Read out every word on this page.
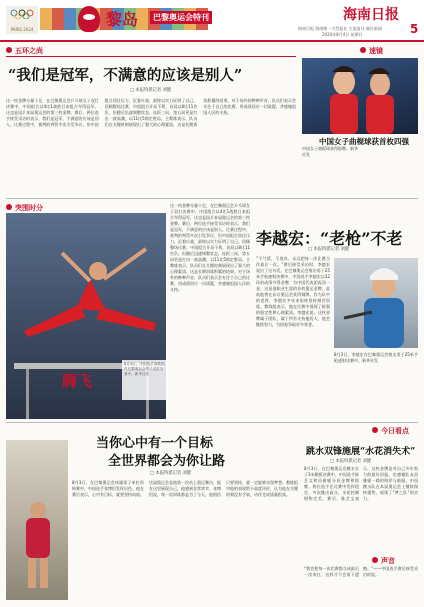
PARIS 2024
黎岛	巴黎奥运会特刊	海南日报
海南日报 海南唯一大型报业 主流报刊 做好新闻
2024年8月4日 星期日	5
五环之尚
“我们是冠军，不满意的应该是别人”
□ 本报特派记者 刘健
这一枚金牌分量十足，在巴黎奥运会乒乓球女子双打决赛中，中国组合以4比1战胜日本组合夺得冠军，这也是国乒本届奥运会的第三枚金牌。赛后，两位选手接受采访时表示，我们是冠军，不满意的应该是别人。比赛过程中，裁判的判罚多次引发争议，但中国组合顶住压力，沉着应战，最终以实力证明了自己。回顾整场比赛，中国组合开局不利，首局以8比11告负，但随后迅速调整状态，连扳三局，第五局更是打出一波高潮，以11比5锁定胜局。主教练表示，队员们在关键时刻展现出了强大的心理素质，这是长期训练积累的结果。对于场外的种种声音，队员们表示会专注于自己的比赛，用成绩回应一切质疑，并感谢祖国人民的支持。
速镜
中国女子曲棍球获首枚四强
中国女子曲棍球获得银牌。新华社发
突围时分
腾飞
8月3日，中国选手邹敬园在巴黎奥运会男子双杠决赛中。新华社发
这一枚金牌分量十足，在巴黎奥运会乒乓球女子双打决赛中，中国组合以4比1战胜日本组合夺得冠军，这也是国乒本届奥运会的第三枚金牌。赛后，两位选手接受采访时表示，我们是冠军，不满意的应该是别人。比赛过程中，裁判的判罚多次引发争议，但中国组合顶住压力，沉着应战，最终以实力证明了自己。回顾整场比赛，中国组合开局不利，首局以8比11告负，但随后迅速调整状态，连扳三局，第五局更是打出一波高潮，以11比5锁定胜局。主教练表示，队员们在关键时刻展现出了强大的心理素质，这是长期训练积累的结果。对于场外的种种声音，队员们表示会专注于自己的比赛，用成绩回应一切质疑，并感谢祖国人民的支持。
李越宏：“老枪”不老
□ 本报特派记者 刘健
“不气馁，不放弃，永远把每一次比赛当作最后一次。”赛后接受采访时，李越宏说出了这句话。在巴黎奥运会射击男子25米手枪速射决赛中，中国选手李越宏以32环的成绩夺得金牌，为中国代表团再添一金。这是他职业生涯的首枚奥运金牌，此前他曾在东京奥运会获得铜牌。作为队中的老将，李越宏多年来始终坚持刻苦训练。教练组表示，他在比赛中展现了极强的稳定性和心理素质。李越宏说，这枚金牌属于团队，属于所有支持他的人，他会继续努力，为国家争取更多荣誉。
8月3日，李越宏在巴黎奥运会射击男子25米手枪速射决赛中。新华社发
当你心中有一个目标
全世界都会为你让路
□ 本报特派记者 刘健
8月3日，在巴黎奥运会体操男子单杠资格赛中，中国选手张博恒发挥出色。他在赛后表示，心中有目标，就要坚持向前。这届奥运会是他第一次站上奥运舞台，能在这里展现自己，他感到非常荣幸。张博恒说，每一次训练都是为了今天，他相信只要坚持，就一定能够实现梦想。教练组对他的表现给予高度评价，认为他在关键时刻没有手软，动作完成质量很高。
今日看点
跳水双锋施展“水花消失术”
□ 本报特派记者 刘健
8月3日，在巴黎奥运会跳水女子3米跳板决赛中，中国选手陈艺文和昌雅妮分获金牌和银牌。两位选手在比赛中发挥稳定，多次跳出高分，水花控制堪称完美。赛后，陈艺文表示，这枚金牌是对自己多年努力的最好回报，也感谢队友昌雅妮一路的陪伴与鼓励。中国跳水队在本届奥运会上继续保持强势，展现了“梦之队”的实力。
声音
“我会把每一次比赛都当成最后一次来打，这样才不会留下遗憾。”——中国选手赛后接受采访时说。
